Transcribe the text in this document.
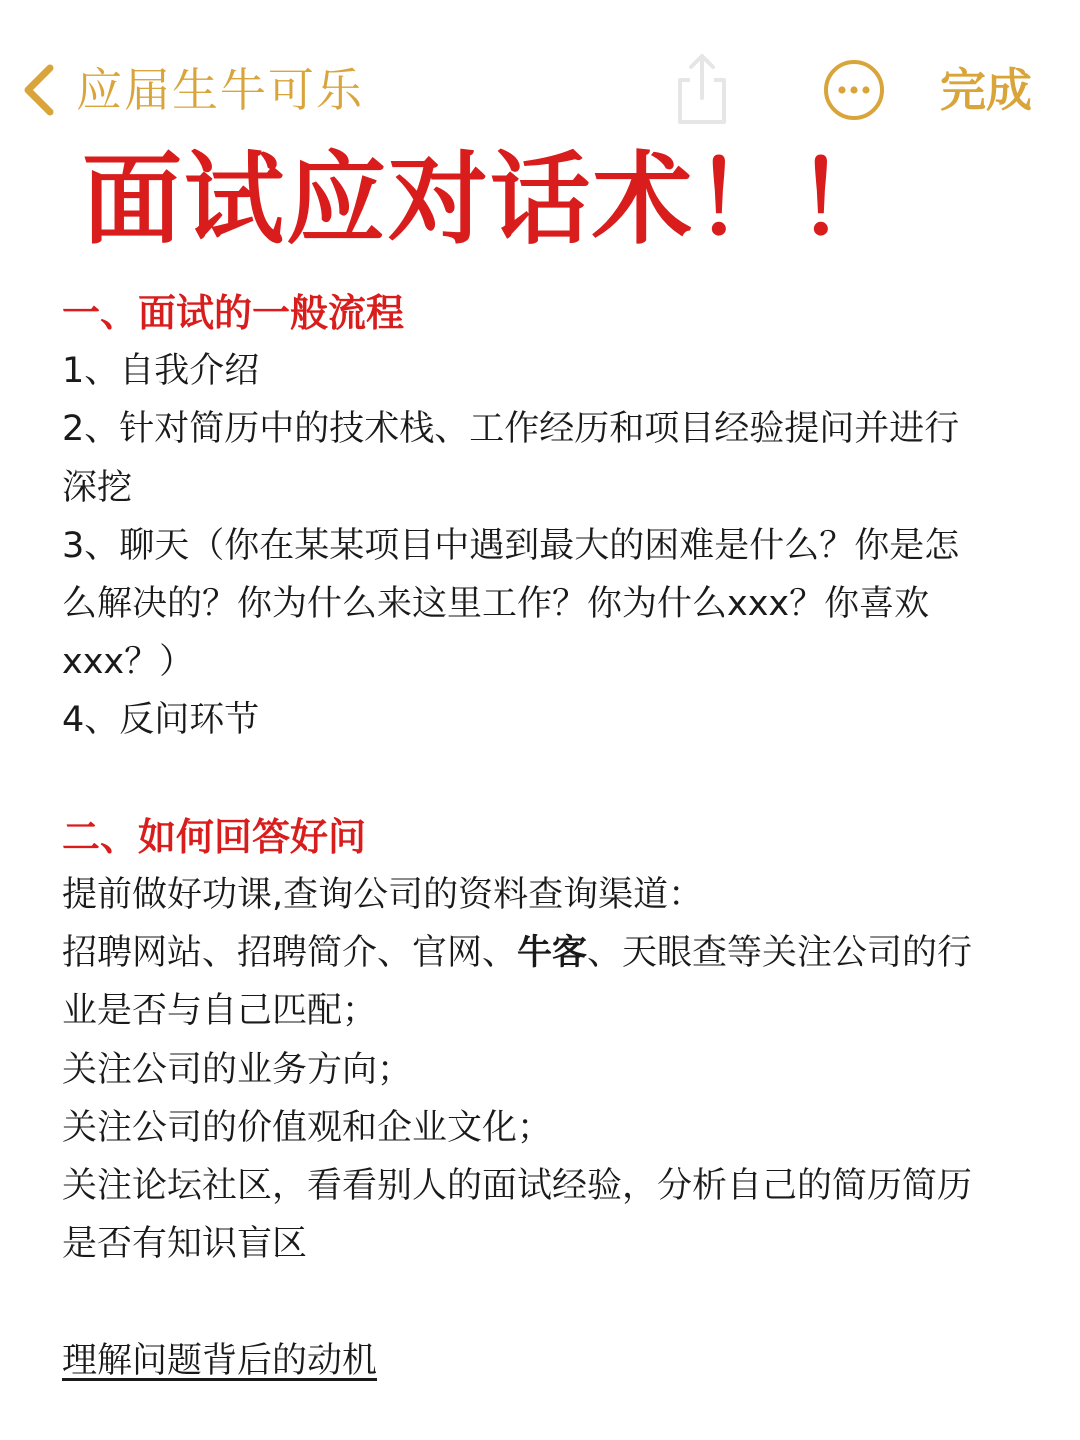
应届生牛可乐	完成
面试应对话术！！

一、面试的一般流程

1、自我介绍

2、针对简历中的技术栈、工作经历和项目经验提问并进行

深挖

3、聊天（你在某某项目中遇到最大的困难是什么？你是怎

么解决的？你为什么来这里工作？你为什么xxx？你喜欢

xxx？）

4、反问环节

二、如何回答好问

提前做好功课,查询公司的资料查询渠道：

招聘网站、招聘简介、官网、牛客、天眼查等关注公司的行

业是否与自己匹配；

关注公司的业务方向；

关注公司的价值观和企业文化；

关注论坛社区，看看别人的面试经验，分析自己的简历简历

是否有知识盲区

理解问题背后的动机
